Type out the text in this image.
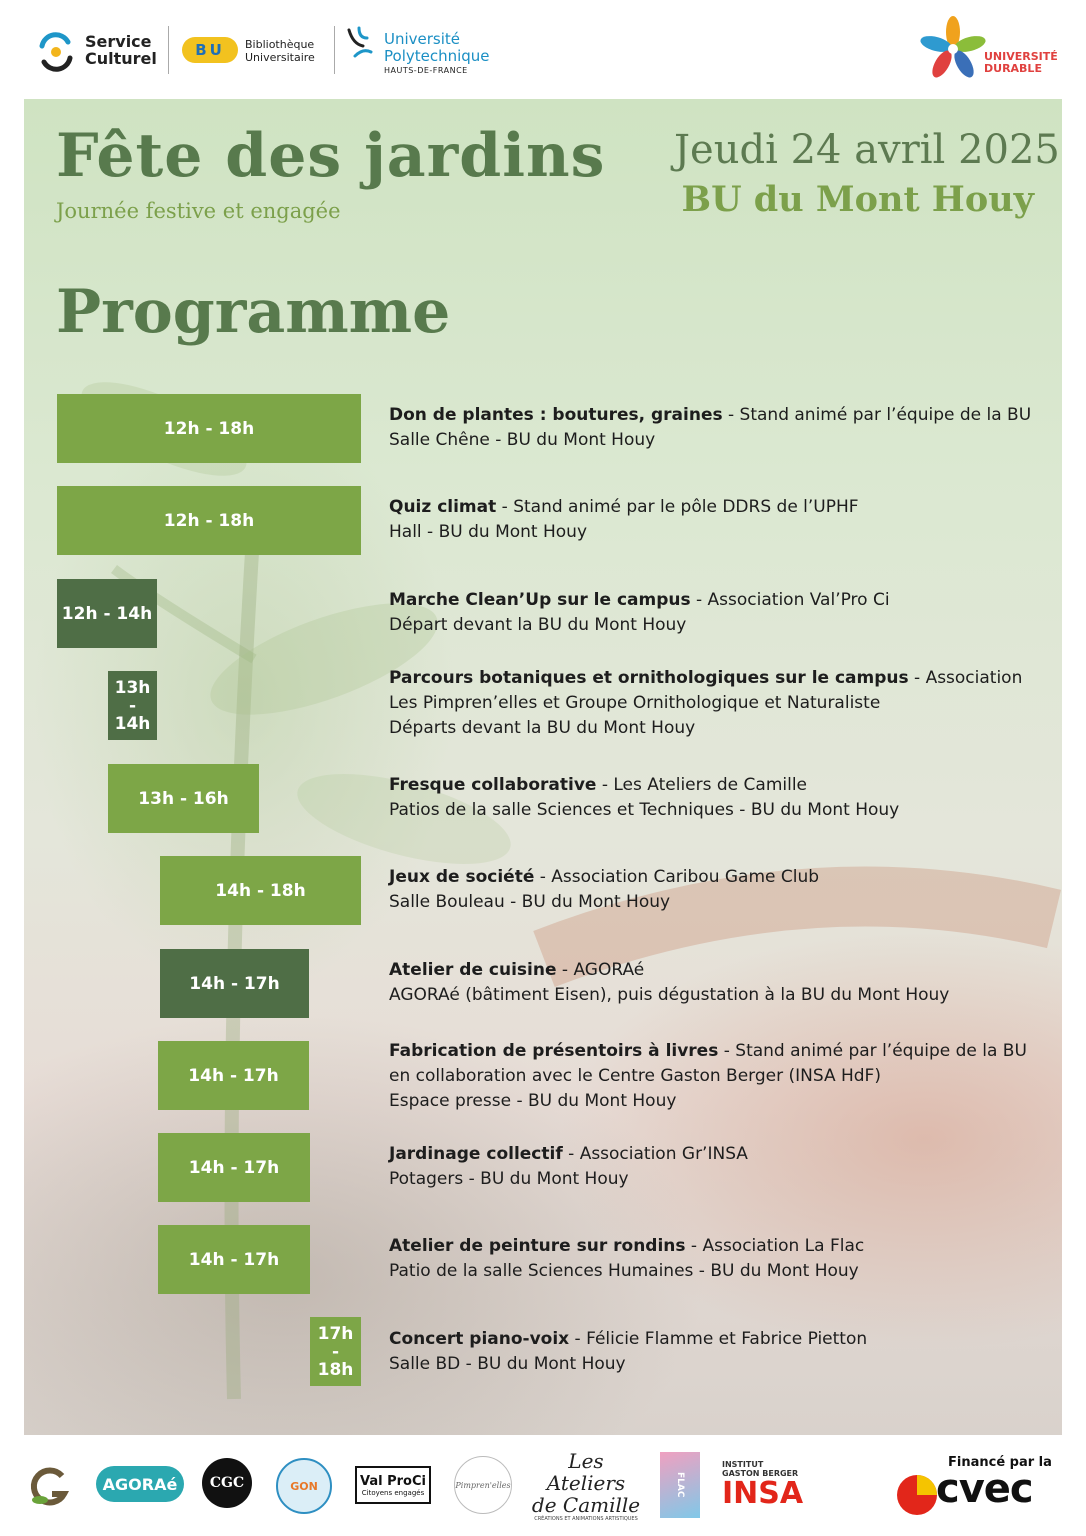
Service
Culturel	BU Bibliothèque
Universitaire
Université
Polytechnique
HAUTS-DE-FRANCE
UNIVERSITÉ
DURABLE
Fête des jardins
Journée festive et engagée
Jeudi 24 avril 2025
BU du Mont Houy
Programme
12h - 18h
Don de plantes : boutures, graines - Stand animé par l’équipe de la BU
Salle Chêne - BU du Mont Houy
12h - 18h
Quiz climat - Stand animé par le pôle DDRS de l’UPHF
Hall - BU du Mont Houy
12h - 14h
Marche Clean’Up sur le campus - Association Val’Pro Ci
Départ devant la BU du Mont Houy
13h - 14h
Parcours botaniques et ornithologiques sur le campus - Association Les Pimpren’elles et Groupe Ornithologique et Naturaliste
Départs devant la BU du Mont Houy
13h - 16h
Fresque collaborative - Les Ateliers de Camille
Patios de la salle Sciences et Techniques - BU du Mont Houy
14h - 18h
Jeux de société - Association Caribou Game Club
Salle Bouleau - BU du Mont Houy
14h - 17h
Atelier de cuisine - AGORAé
AGORAé (bâtiment Eisen), puis dégustation à la BU du Mont Houy
14h - 17h
Fabrication de présentoirs à livres - Stand animé par l’équipe de la BU en collaboration avec le Centre Gaston Berger (INSA HdF)
Espace presse - BU du Mont Houy
14h - 17h
Jardinage collectif - Association Gr’INSA
Potagers - BU du Mont Houy
14h - 17h
Atelier de peinture sur rondins - Association La Flac
Patio de la salle Sciences Humaines - BU du Mont Houy
17h - 18h
Concert piano-voix - Félicie Flamme et Fabrice Pietton
Salle BD - BU du Mont Houy
AGORAé CGC	GON	Val ProCi
Citoyens engagés
Pimpren'elles
Les Ateliers
de Camille
CRÉATIONS ET ANIMATIONS ARTISTIQUES
FLAC
INSTITUT
GASTON BERGER
INSA
Financé par la
cvec
